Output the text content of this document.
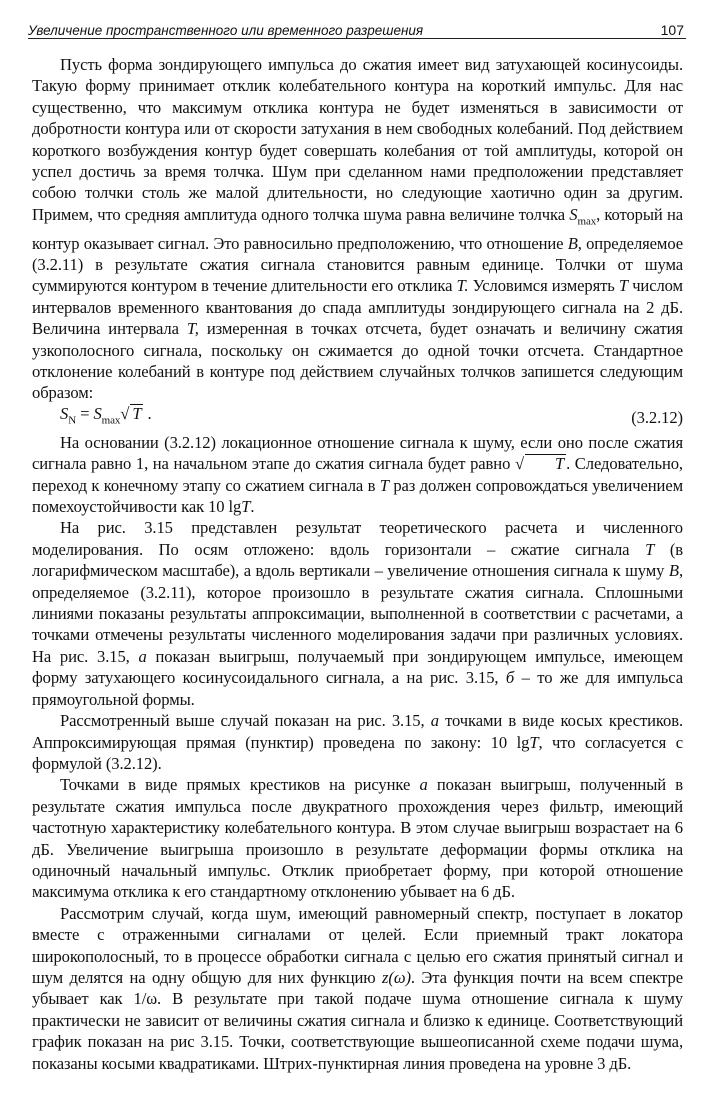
Увеличение пространственного или временного разрешения	107

Пусть форма зондирующего импульса до сжатия имеет вид затухающей косинусоиды. Такую форму принимает отклик колебательного контура на короткий импульс. Для нас существенно, что максимум отклика контура не будет изменяться в зависимости от добротности контура или от скорости затухания в нем свободных колебаний. Под действием короткого возбуждения контур будет совершать колебания от той амплитуды, которой он успел достичь за время толчка. Шум при сделанном нами предположении представляет собою толчки столь же малой длительности, но следующие хаотично один за другим. Примем, что средняя амплитуда одного толчка шума равна величине толчка $S_{max}$, который на контур оказывает сигнал. Это равносильно предположению, что отношение B, определяемое (3.2.11) в результате сжатия сигнала становится равным единице. Толчки от шума суммируются контуром в течение длительности его отклика T. Условимся измерять T числом интервалов временного квантования до спада амплитуды зондирующего сигнала на 2 дБ. Величина интервала T, измеренная в точках отсчета, будет означать и величину сжатия узкополосного сигнала, поскольку он сжимается до одной точки отсчета. Стандартное отклонение колебаний в контуре под действием случайных толчков запишется следующим образом:

$S_N = S_{max}√$ T .	(3.2.12)

На основании (3.2.12) локационное отношение сигнала к шуму, если оно после сжатия сигнала равно 1, на начальном этапе до сжатия сигнала будет равно √ T . Следовательно, переход к конечному этапу со сжатием сигнала в T раз должен сопровождаться увеличением помехоустойчивости как 10 lgT.

На рис. 3.15 представлен результат теоретического расчета и численного моделирования. По осям отложено: вдоль горизонтали – сжатие сигнала T (в логарифмическом масштабе), а вдоль вертикали – увеличение отношения сигнала к шуму B, определяемое (3.2.11), которое произошло в результате сжатия сигнала. Сплошными линиями показаны результаты аппроксимации, выполненной в соответствии с расчетами, а точками отмечены результаты численного моделирования задачи при различных условиях. На рис. 3.15, а показан выигрыш, получаемый при зондирующем импульсе, имеющем форму затухающего косинусоидального сигнала, а на рис. 3.15, б – то же для импульса прямоугольной формы.

Рассмотренный выше случай показан на рис. 3.15, а точками в виде косых крестиков. Аппроксимирующая прямая (пунктир) проведена по закону: 10 lgT, что согласуется с формулой (3.2.12).

Точками в виде прямых крестиков на рисунке а показан выигрыш, полученный в результате сжатия импульса после двукратного прохождения через фильтр, имеющий частотную характеристику колебательного контура. В этом случае выигрыш возрастает на 6 дБ. Увеличение выигрыша произошло в результате деформации формы отклика на одиночный начальный импульс. Отклик приобретает форму, при которой отношение максимума отклика к его стандартному отклонению убывает на 6 дБ.

Рассмотрим случай, когда шум, имеющий равномерный спектр, поступает в локатор вместе с отраженными сигналами от целей. Если приемный тракт локатора широкополосный, то в процессе обработки сигнала с целью его сжатия принятый сигнал и шум делятся на одну общую для них функцию z(ω). Эта функция почти на всем спектре убывает как 1/ω. В результате при такой подаче шума отношение сигнала к шуму практически не зависит от величины сжатия сигнала и близко к единице. Соответствующий график показан на рис 3.15. Точки, соответствующие вышеописанной схеме подачи шума, показаны косыми квадратиками. Штрих-пунктирная линия проведена на уровне 3 дБ.
